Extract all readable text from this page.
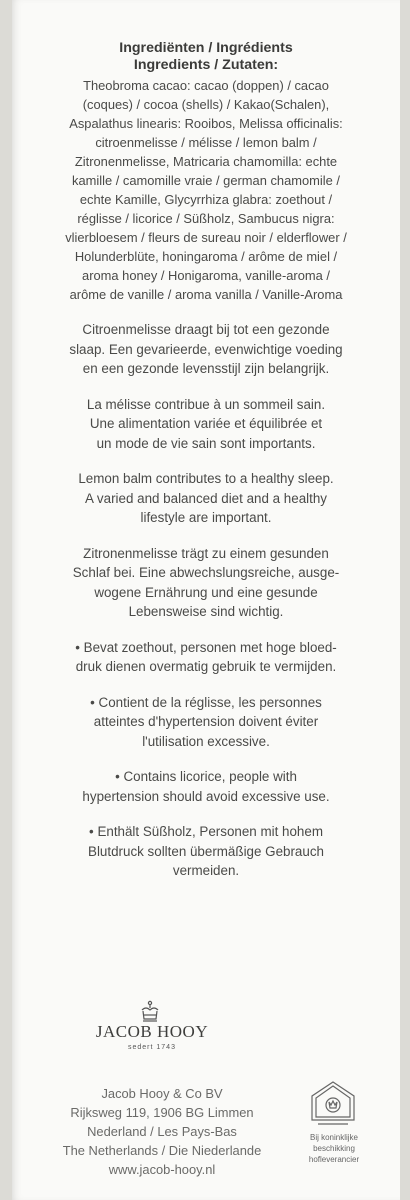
Ingrediënten / Ingrédients
Ingredients / Zutaten:
Theobroma cacao: cacao (doppen) / cacao
(coques) / cocoa (shells) / Kakao(Schalen),
Aspalathus linearis: Rooibos, Melissa officinalis:
citroenmelisse / mélisse / lemon balm /
Zitronenmelisse, Matricaria chamomilla: echte
kamille / camomille vraie / german chamomile /
echte Kamille, Glycyrrhiza glabra: zoethout /
réglisse / licorice / Süßholz, Sambucus nigra:
vlierbloesem / fleurs de sureau noir / elderflower /
Holunderblüte, honingaroma / arôme de miel /
aroma honey / Honigaroma, vanille-aroma /
arôme de vanille / aroma vanilla / Vanille-Aroma
Citroenmelisse draagt bij tot een gezonde
slaap. Een gevarieerde, evenwichtige voeding
en een gezonde levensstijl zijn belangrijk.
La mélisse contribue à un sommeil sain.
Une alimentation variée et équilibrée et
un mode de vie sain sont importants.
Lemon balm contributes to a healthy sleep.
A varied and balanced diet and a healthy
lifestyle are important.
Zitronenmelisse trägt zu einem gesunden
Schlaf bei. Eine abwechslungsreiche, ausge-
wogene Ernährung und eine gesunde
Lebensweise sind wichtig.
• Bevat zoethout, personen met hoge bloed-
druk dienen overmatig gebruik te vermijden.
• Contient de la réglisse, les personnes
atteintes d'hypertension doivent éviter
l'utilisation excessive.
• Contains licorice, people with
hypertension should avoid excessive use.
• Enthält Süßholz, Personen mit hohem
Blutdruck sollten übermäßige Gebrauch
vermeiden.
JACOB HOOY
sedert 1743
Jacob Hooy & Co BV
Rijksweg 119, 1906 BG Limmen
Nederland / Les Pays-Bas
The Netherlands / Die Niederlande
www.jacob-hooy.nl
Bij koninklijke
beschikking
hofleverancier
